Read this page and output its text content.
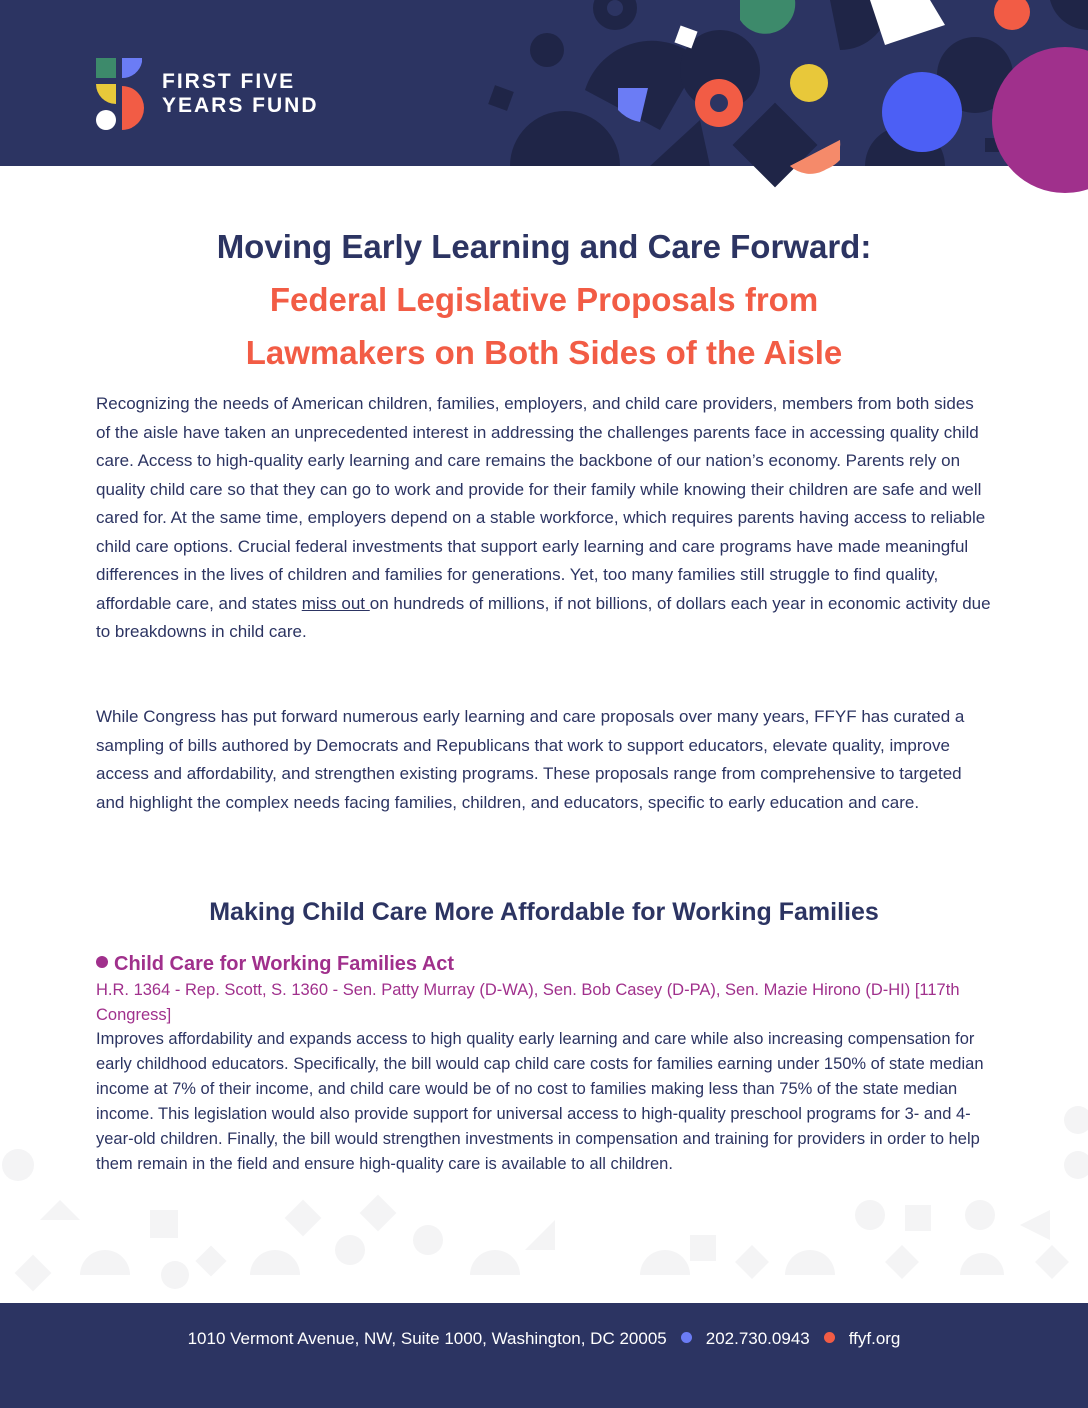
FIRST FIVE
YEARS FUND
Moving Early Learning and Care Forward:
Federal Legislative Proposals from
Lawmakers on Both Sides of the Aisle
Recognizing the needs of American children, families, employers, and child care providers, members from both sides of the aisle have taken an unprecedented interest in addressing the challenges parents face in accessing quality child care. Access to high-quality early learning and care remains the backbone of our nation’s economy. Parents rely on quality child care so that they can go to work and provide for their family while knowing their children are safe and well cared for. At the same time, employers depend on a stable workforce, which requires parents having access to reliable child care options. Crucial federal investments that support early learning and care programs have made meaningful differences in the lives of children and families for generations. Yet, too many families still struggle to find quality, affordable care, and states miss out on hundreds of millions, if not billions, of dollars each year in economic activity due to breakdowns in child care.
While Congress has put forward numerous early learning and care proposals over many years, FFYF has curated a sampling of bills authored by Democrats and Republicans that work to support educators, elevate quality, improve access and affordability, and strengthen existing programs. These proposals range from comprehensive to targeted and highlight the complex needs facing families, children, and educators, specific to early education and care.
Making Child Care More Affordable for Working Families
Child Care for Working Families Act
H.R. 1364 - Rep. Scott, S. 1360 - Sen. Patty Murray (D-WA), Sen. Bob Casey (D-PA), Sen. Mazie Hirono (D-HI) [117th Congress]
Improves affordability and expands access to high quality early learning and care while also increasing compensation for early childhood educators. Specifically, the bill would cap child care costs for families earning under 150% of state median income at 7% of their income, and child care would be of no cost to families making less than 75% of the state median income. This legislation would also provide support for universal access to high-quality preschool programs for 3- and 4-year-old children. Finally, the bill would strengthen investments in compensation and training for providers in order to help them remain in the field and ensure high-quality care is available to all children.
1010 Vermont Avenue, NW, Suite 1000, Washington, DC 20005 202.730.0943 ffyf.org
